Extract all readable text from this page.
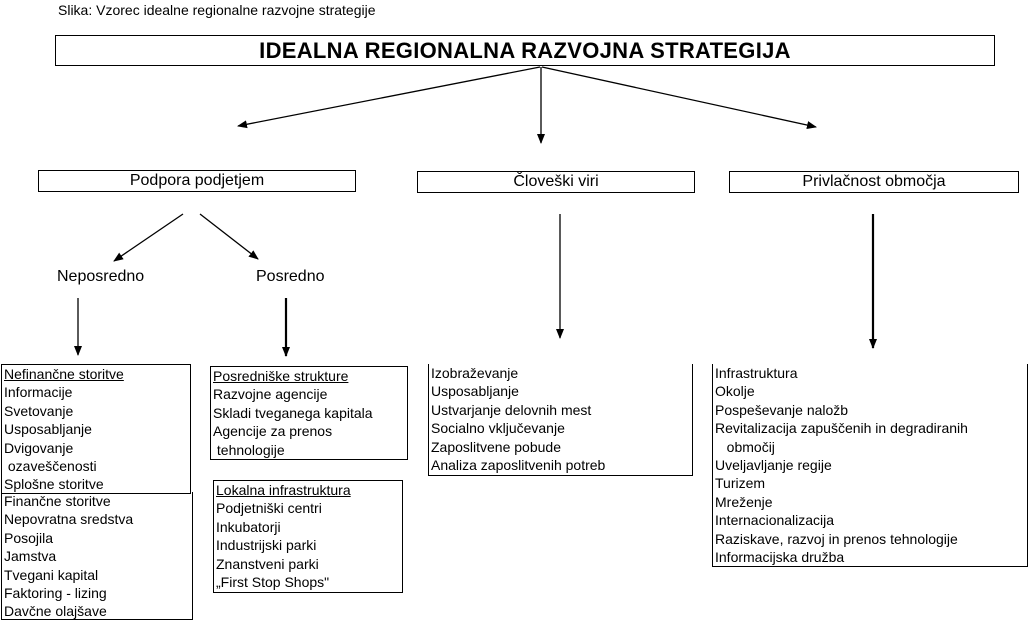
Slika: Vzorec idealne regionalne razvojne strategije
IDEALNA REGIONALNA RAZVOJNA STRATEGIJA
Podpora podjetjem	Človeški viri	Privlačnost območja
Neposredno	Posredno
Nefinančne storitve
Informacije
Svetovanje
Usposabljanje
Dvigovanje
ozaveščenosti
Splošne storitve
Finančne storitve
Nepovratna sredstva
Posojila
Jamstva
Tvegani kapital
Faktoring - lizing
Davčne olajšave
Posredniške strukture
Razvojne agencije
Skladi tveganega kapitala
Agencije za prenos
tehnologije
Lokalna infrastruktura
Podjetniški centri
Inkubatorji
Industrijski parki
Znanstveni parki
„First Stop Shops"
Izobraževanje
Usposabljanje
Ustvarjanje delovnih mest
Socialno vključevanje
Zaposlitvene pobude
Analiza zaposlitvenih potreb
Infrastruktura
Okolje
Pospeševanje naložb
Revitalizacija zapuščenih in degradiranih
območij
Uveljavljanje regije
Turizem
Mreženje
Internacionalizacija
Raziskave, razvoj in prenos tehnologije
Informacijska družba
